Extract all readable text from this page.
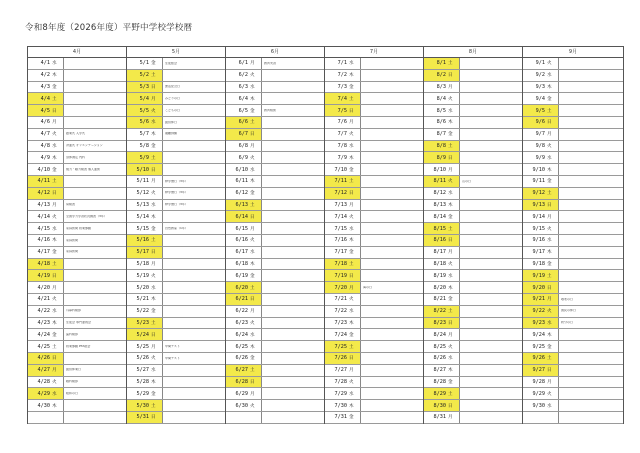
令和8年度（2026年度）平野中学校学校暦
4月
4/1 水
4/2 木
4/3 金
4/4 土
4/5 日
4/6 月
4/7 火	始業式 入学式
4/8 水	対面式 オリエンテーション
4/9 木	身体測定 内科
4/10 金	視力・聴力検査 個人面談
4/11 土
4/12 日
4/13 月	尿検査
4/14 火	全国学力学習状況調査（3年）
4/15 水	家庭訪問 授業参観
4/16 木	家庭訪問
4/17 金	家庭訪問
4/18 土
4/19 日
4/20 月
4/21 火
4/22 水	耳鼻科検診
4/23 木	生徒会 専門委員会
4/24 金	歯科検診
4/25 土	授業参観 PTA総会
4/26 日
4/27 月	振替休業日
4/28 火	眼科検診
4/29 水	昭和の日
4/30 木
5月
5/1 金	生徒総会
5/2 土
5/3 日	憲法記念日
5/4 月	みどりの日
5/5 火	こどもの日
5/6 水	振替休日
5/7 木	避難訓練
5/8 金
5/9 土
5/10 日
5/11 月	修学旅行（3年）
5/12 火	修学旅行（3年）
5/13 水	修学旅行（3年）
5/14 木
5/15 金	自然教室（1年）
5/16 土
5/17 日
5/18 月
5/19 火
5/20 水
5/21 木
5/22 金
5/23 土
5/24 日
5/25 月	中間テスト
5/26 火	中間テスト
5/27 水
5/28 木
5/29 金
5/30 土
5/31 日
6月
6/1 月	教育実習
6/2 火
6/3 水
6/4 木
6/5 金	教育相談
6/6 土
6/7 日
6/8 月
6/9 火
6/10 水
6/11 木
6/12 金
6/13 土
6/14 日
6/15 月
6/16 火
6/17 水
6/18 木
6/19 金
6/20 土
6/21 日
6/22 月
6/23 火
6/24 水
6/25 木
6/26 金
6/27 土
6/28 日
6/29 月
6/30 火
7月
7/1 水
7/2 木
7/3 金
7/4 土
7/5 日
7/6 月
7/7 火
7/8 水
7/9 木
7/10 金
7/11 土
7/12 日
7/13 月
7/14 火
7/15 水
7/16 木
7/17 金
7/18 土
7/19 日
7/20 月	海の日
7/21 火
7/22 水
7/23 木
7/24 金
7/25 土
7/26 日
7/27 月
7/28 火
7/29 水
7/30 木
7/31 金
8月
8/1 土
8/2 日
8/3 月
8/4 火
8/5 水
8/6 木
8/7 金
8/8 土
8/9 日
8/10 月
8/11 火	山の日
8/12 水
8/13 木
8/14 金
8/15 土
8/16 日
8/17 月
8/18 火
8/19 水
8/20 木
8/21 金
8/22 土
8/23 日
8/24 月
8/25 火
8/26 水
8/27 木
8/28 金
8/29 土
8/30 日
8/31 月
9月
9/1 火
9/2 水
9/3 木
9/4 金
9/5 土
9/6 日
9/7 月
9/8 火
9/9 水
9/10 木
9/11 金
9/12 土
9/13 日
9/14 月
9/15 火
9/16 水
9/17 木
9/18 金
9/19 土
9/20 日
9/21 月	敬老の日
9/22 火	国民の休日
9/23 水	秋分の日
9/24 木
9/25 金
9/26 土
9/27 日
9/28 月
9/29 火
9/30 水
